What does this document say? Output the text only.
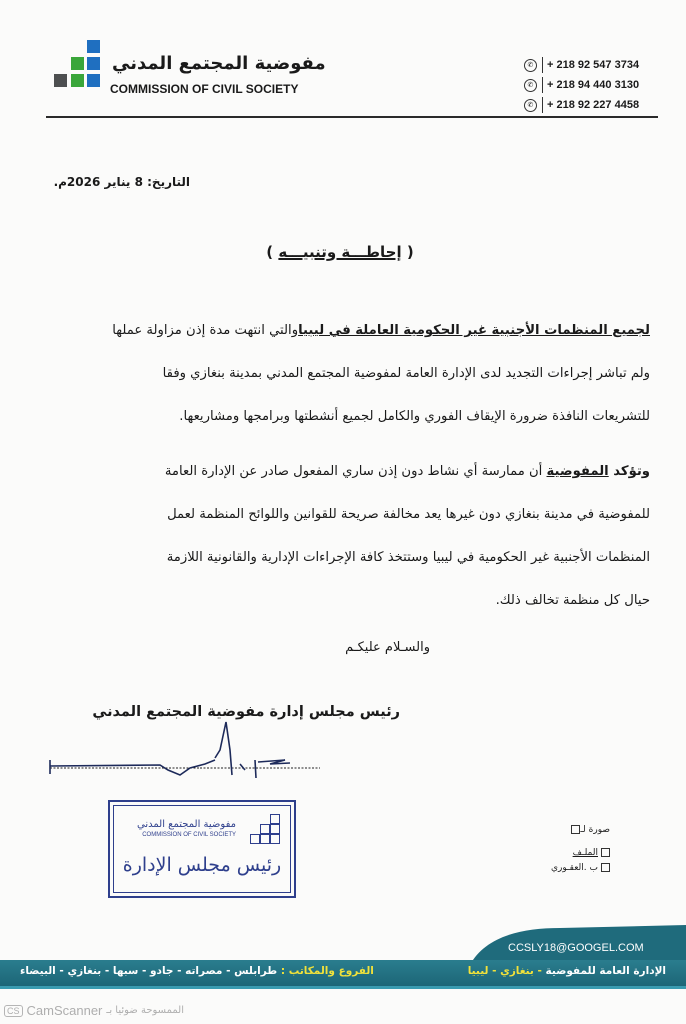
مفوضية المجتمع المدني
COMMISSION OF CIVIL SOCIETY
✆	+ 218 92 547 3734
✆	+ 218 94 440 3130
✆	+ 218 92 227 4458
التاريخ: 8 يناير 2026م.
( إحاطـــة وتنبيـــه )
لجميع المنظمات الأجنبية غير الحكومية العاملة في ليبياوالتي انتهت مدة إذن مزاولة عملها
ولم تباشر إجراءات التجديد لدى الإدارة العامة لمفوضية المجتمع المدني بمدينة بنغازي وفقا
للتشريعات النافذة ضرورة الإيقاف الفوري والكامل لجميع أنشطتها وبرامجها ومشاريعها.
وتؤكد المفوضية أن ممارسة أي نشاط دون إذن ساري المفعول صادر عن الإدارة العامة
للمفوضية في مدينة بنغازي دون غيرها يعد مخالفة صريحة للقوانين واللوائح المنظمة لعمل
المنظمات الأجنبية غير الحكومية في ليبيا وستتخذ كافة الإجراءات الإدارية والقانونية اللازمة
حيال كل منظمة تخالف ذلك.
والسـلام عليكـم
رئيس مجلس إدارة مفوضية المجتمع المدني
مفوضية المجتمع المدني
COMMISSION OF CIVIL SOCIETY
رئيس مجلس الإدارة
صورة لـ
الملـف
ب .العقـوري
CCSLY18@GOOGEL.COM
الإدارة العامة للمفوضية - بنغازي - ليبيا
الفروع والمكاتب : طرابلس - مصراته - جادو - سبها - بنغازي - البيضاء
CS CamScanner الممسوحة ضوئيا بـ
